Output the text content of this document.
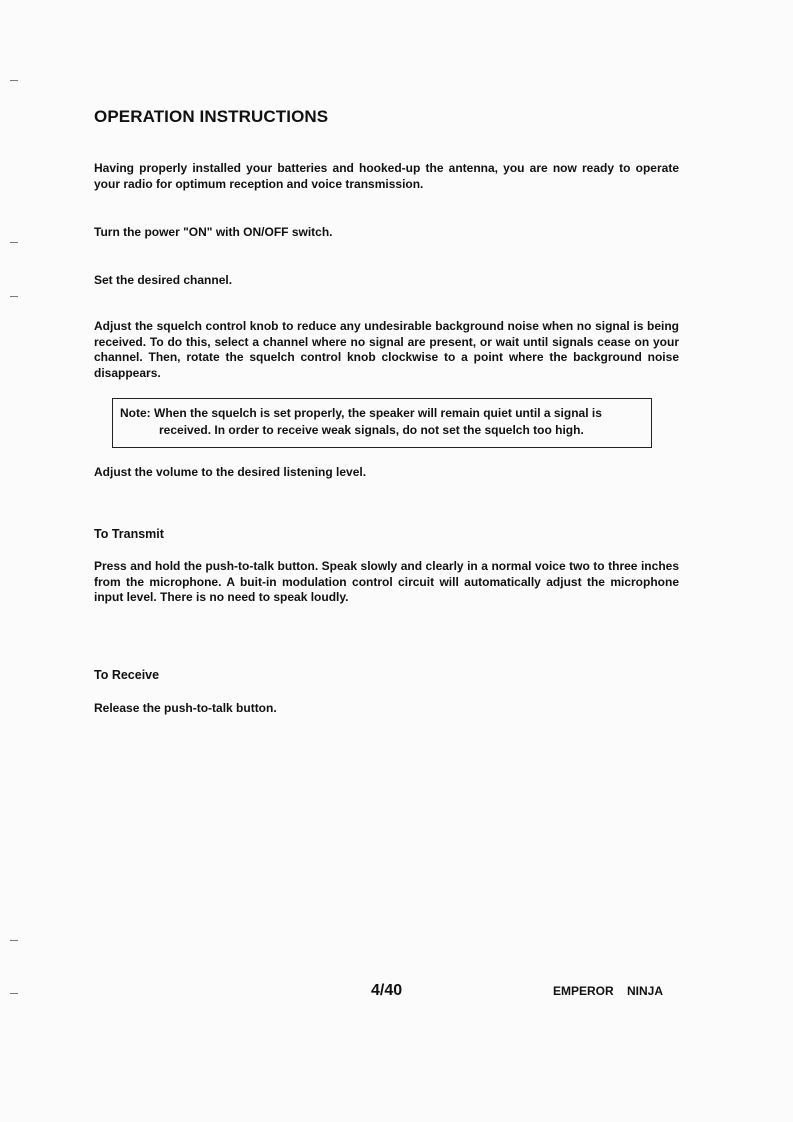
OPERATION INSTRUCTIONS

Having properly installed your batteries and hooked-up the antenna, you are now ready to operate your radio for optimum reception and voice transmission.

Turn the power "ON" with ON/OFF switch.

Set the desired channel.

Adjust the squelch control knob to reduce any undesirable background noise when no signal is being received. To do this, select a channel where no signal are present, or wait until signals cease on your channel. Then, rotate the squelch control knob clockwise to a point where the background noise disappears.

Note: When the squelch is set properly, the speaker will remain quiet until a signal is
received. In order to receive weak signals, do not set the squelch too high.

Adjust the volume to the desired listening level.

To Transmit

Press and hold the push-to-talk button. Speak slowly and clearly in a normal voice two to three inches from the microphone. A buit-in modulation control circuit will automatically adjust the microphone input level. There is no need to speak loudly.

To Receive

Release the push-to-talk button.

4/40	EMPEROR NINJA
